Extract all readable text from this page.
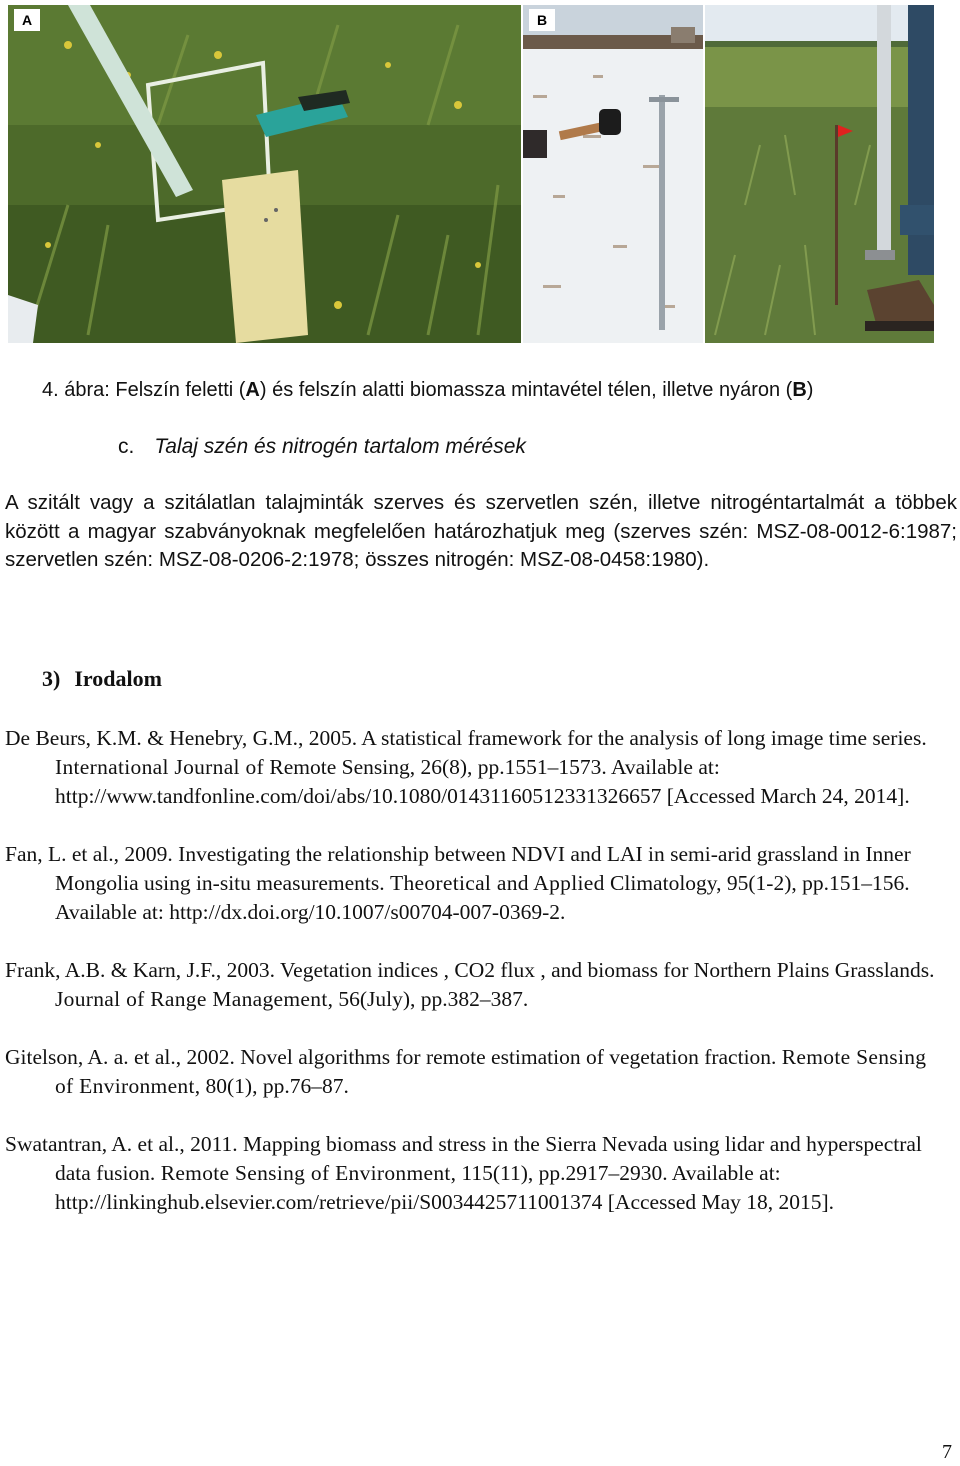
A	B
4. ábra: Felszín feletti (A) és felszín alatti biomassza mintavétel télen, illetve nyáron (B)
c. Talaj szén és nitrogén tartalom mérések
A szitált vagy a szitálatlan talajminták szerves és szervetlen szén, illetve nitrogéntartalmát a többek között a magyar szabványoknak megfelelően határozhatjuk meg (szerves szén: MSZ-08-0012-6:1987; szervetlen szén: MSZ-08-0206-2:1978; összes nitrogén: MSZ-08-0458:1980).
3) Irodalom

De Beurs, K.M. & Henebry, G.M., 2005. A statistical framework for the analysis of long image time series. International Journal of Remote Sensing, 26(8), pp.1551–1573. Available at: http://www.tandfonline.com/doi/abs/10.1080/01431160512331326657 [Accessed March 24, 2014].

Fan, L. et al., 2009. Investigating the relationship between NDVI and LAI in semi-arid grassland in Inner Mongolia using in-situ measurements. Theoretical and Applied Climatology, 95(1-2), pp.151–156. Available at: http://dx.doi.org/10.1007/s00704-007-0369-2.

Frank, A.B. & Karn, J.F., 2003. Vegetation indices , CO2 flux , and biomass for Northern Plains Grasslands. Journal of Range Management, 56(July), pp.382–387.

Gitelson, A. a. et al., 2002. Novel algorithms for remote estimation of vegetation fraction. Remote Sensing of Environment, 80(1), pp.76–87.

Swatantran, A. et al., 2011. Mapping biomass and stress in the Sierra Nevada using lidar and hyperspectral data fusion. Remote Sensing of Environment, 115(11), pp.2917–2930. Available at: http://linkinghub.elsevier.com/retrieve/pii/S0034425711001374 [Accessed May 18, 2015].

7
